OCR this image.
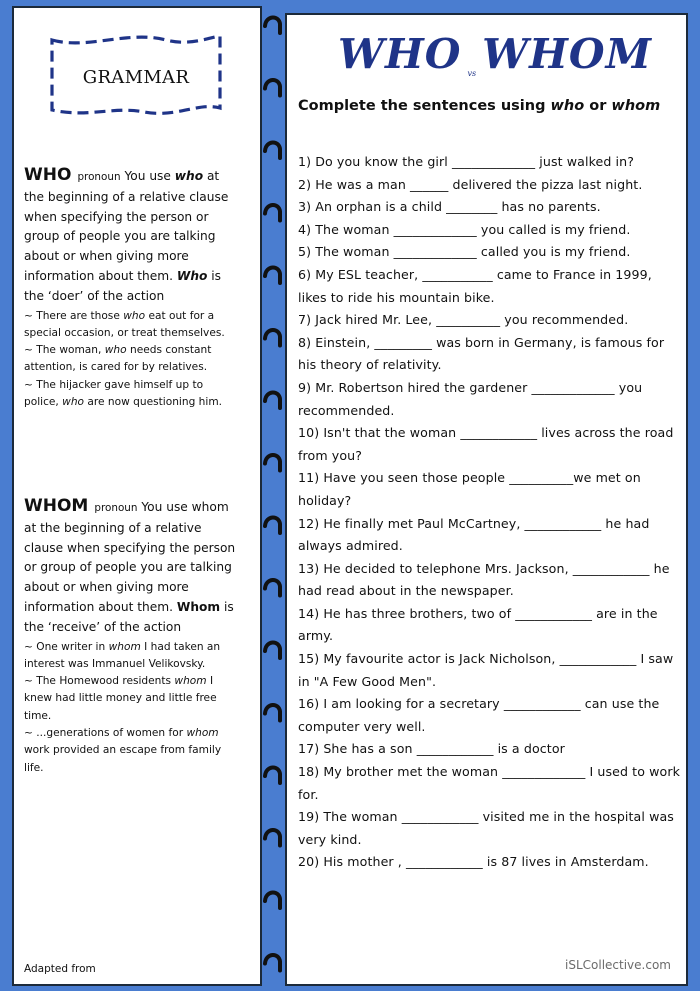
GRAMMAR
WHO pronoun You use who at the beginning of a relative clause when specifying the person or group of people you are talking about or when giving more information about them. Who is the ‘doer’ of the action
~ There are those who eat out for a special occasion, or treat themselves.
~ The woman, who needs constant attention, is cared for by relatives.
~ The hijacker gave himself up to police, who are now questioning him.
WHOM pronoun You use whom at the beginning of a relative clause when specifying the person or group of people you are talking about or when giving more information about them. Whom is the ‘receive’ of the action
~ One writer in whom I had taken an interest was Immanuel Velikovsky.
~ The Homewood residents whom I knew had little money and little free time.
~ ...generations of women for whom work provided an escape from family life.
Adapted from
WHO vs WHOM
Complete the sentences using who or whom
1) Do you know the girl _____________ just walked in?
2) He was a man ______ delivered the pizza last night.
3) An orphan is a child ________ has no parents.
4) The woman _____________ you called is my friend.
5) The woman _____________ called you is my friend.
6) My ESL teacher, ___________ came to France in 1999, likes to ride his mountain bike.
7) Jack hired Mr. Lee, __________ you recommended.
8) Einstein, _________ was born in Germany, is famous for his theory of relativity.
9) Mr. Robertson hired the gardener _____________ you recommended.
10) Isn't that the woman ____________ lives across the road from you?
11) Have you seen those people __________we met on holiday?
12) He finally met Paul McCartney, ____________ he had always admired.
13) He decided to telephone Mrs. Jackson, ____________ he had read about in the newspaper.
14) He has three brothers, two of ____________ are in the army.
15) My favourite actor is Jack Nicholson, ____________ I saw in "A Few Good Men".
16) I am looking for a secretary ____________ can use the computer very well.
17) She has a son ____________ is a doctor
18) My brother met the woman _____________ I used to work for.
19) The woman ____________ visited me in the hospital was very kind.
20) His mother , ____________ is 87 lives in Amsterdam.
iSLCollective.com
